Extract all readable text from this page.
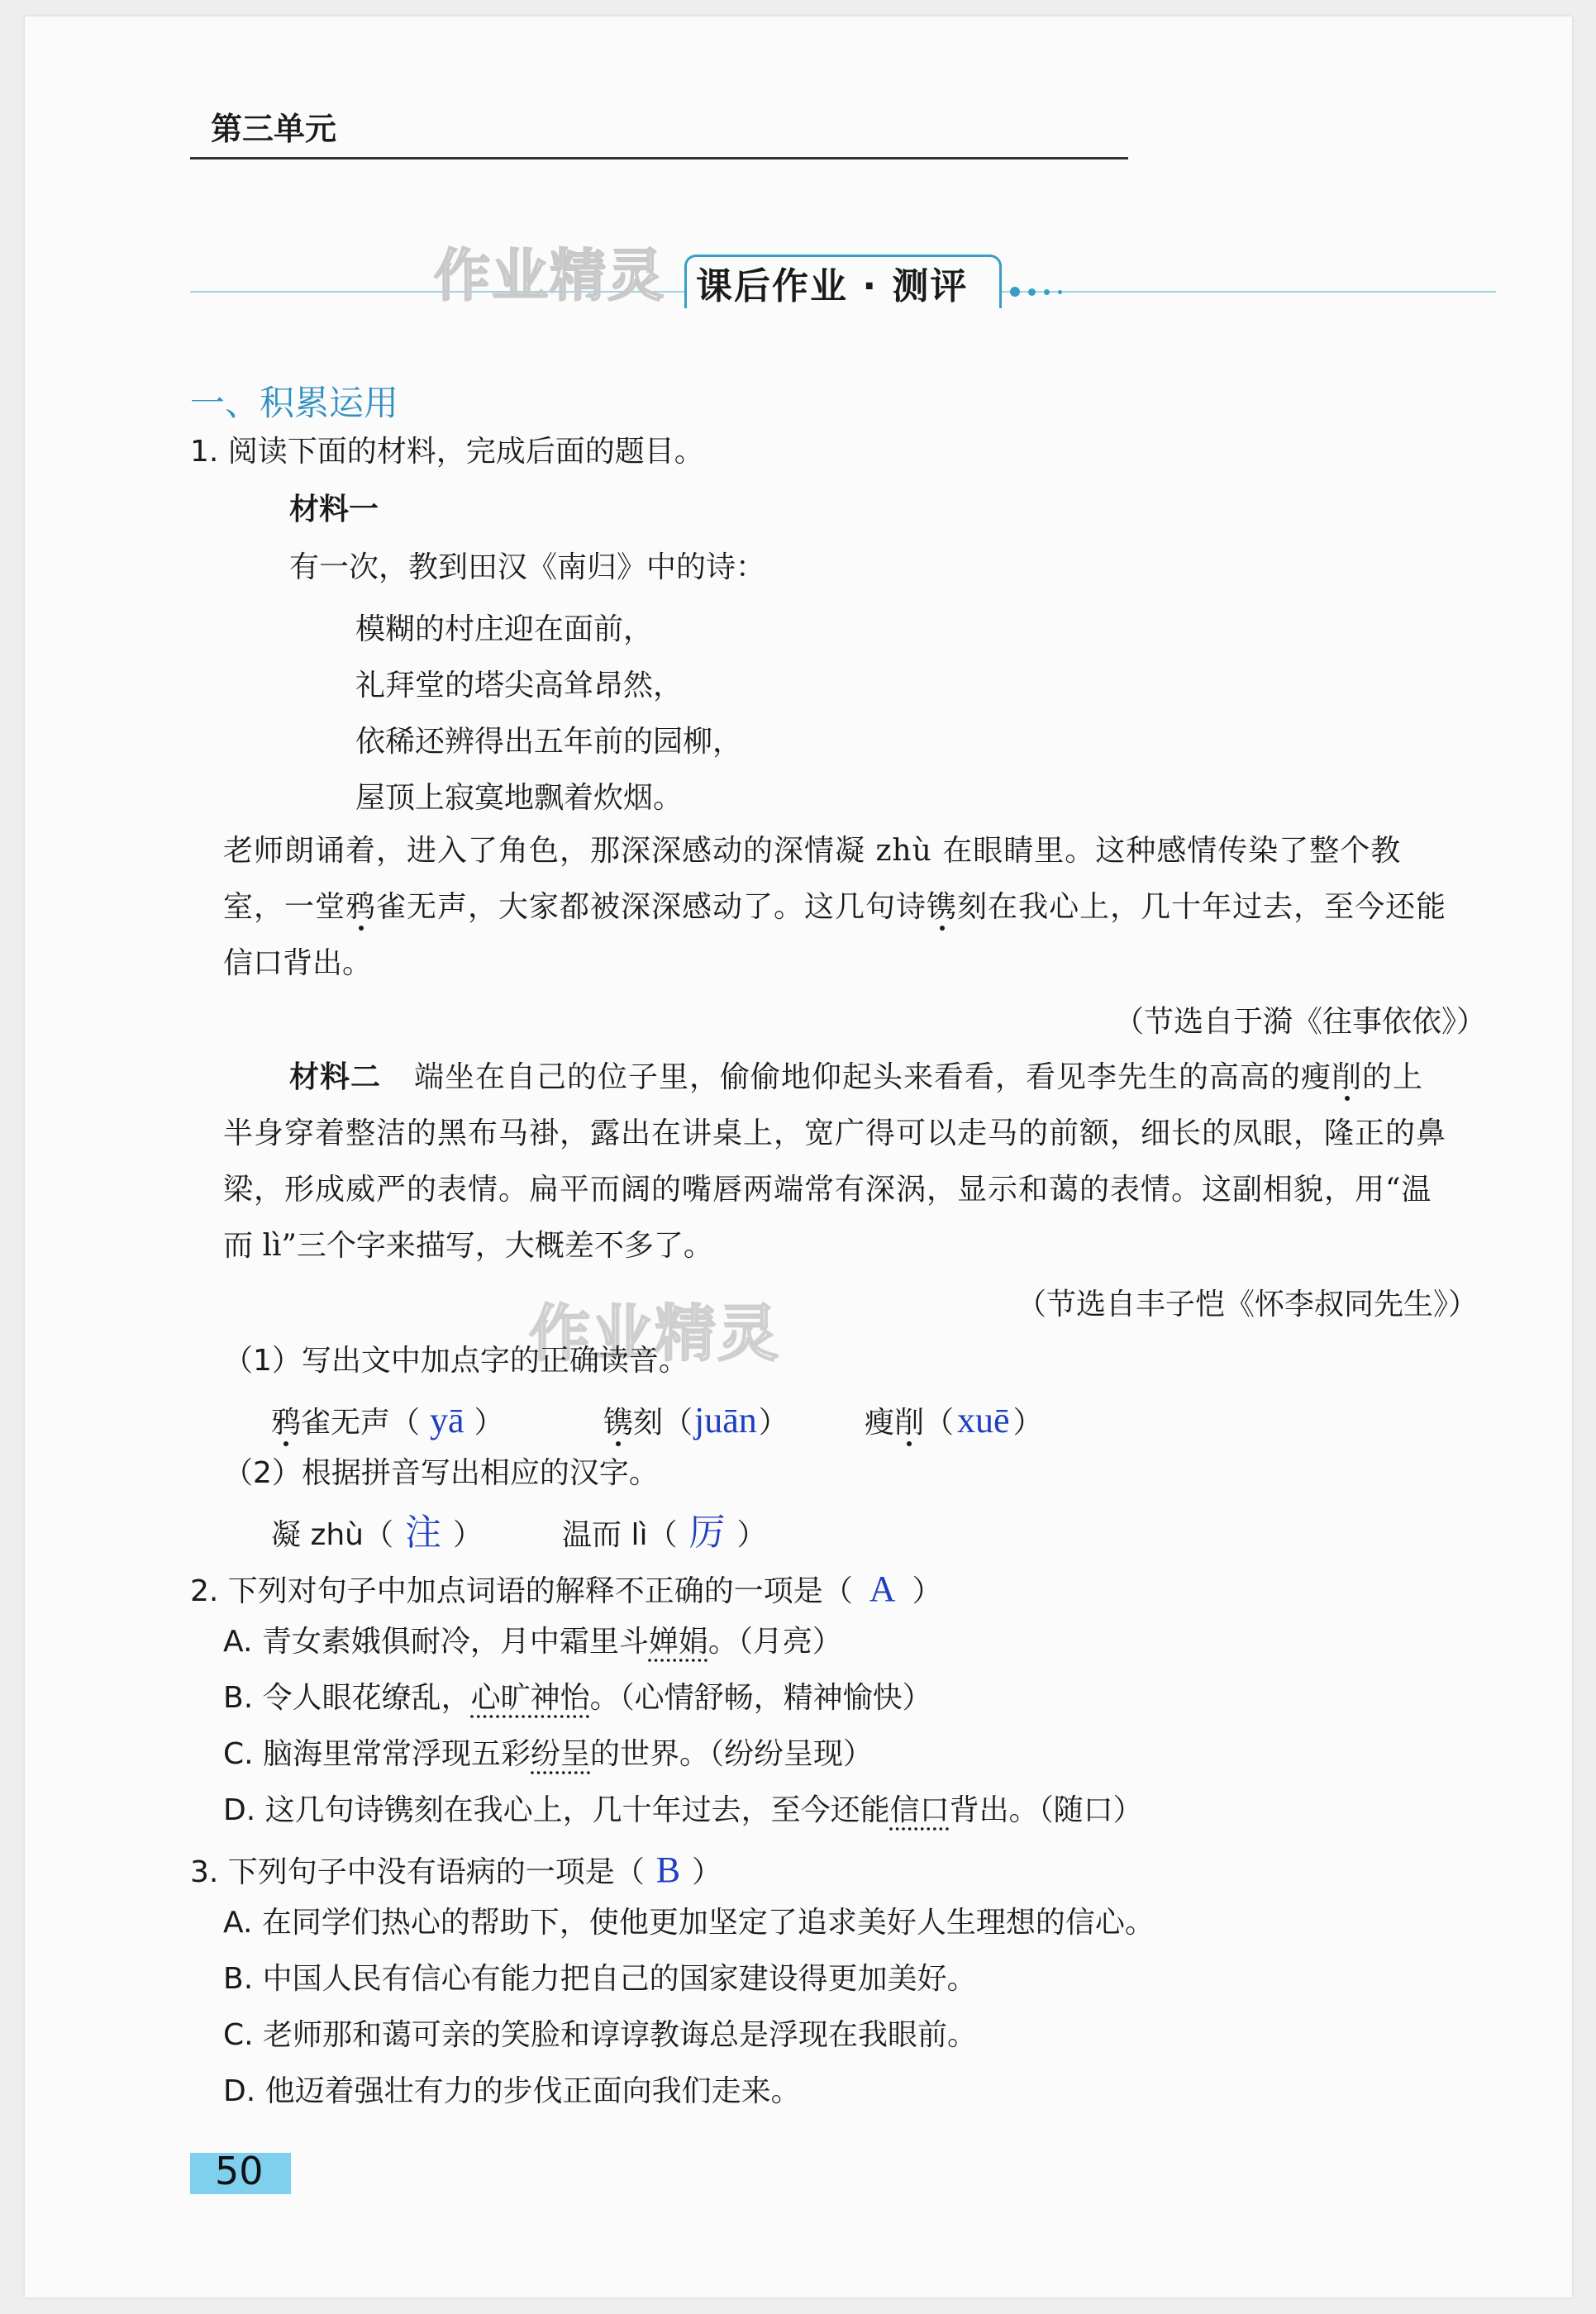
第三单元
作业精灵 课后作业 · 测评
一、积累运用
1. 阅读下面的材料，完成后面的题目。
材料一
有一次，教到田汉《南归》中的诗：
模糊的村庄迎在面前，
礼拜堂的塔尖高耸昂然，
依稀还辨得出五年前的园柳，
屋顶上寂寞地飘着炊烟。
老师朗诵着，进入了角色，那深深感动的深情凝 zhù 在眼睛里。这种感情传染了整个教
室，一堂鸦雀无声，大家都被深深感动了。这几句诗镌刻在我心上，几十年过去，至今还能
信口背出。
（节选自于漪《往事依依》）
材料二 端坐在自己的位子里，偷偷地仰起头来看看，看见李先生的高高的瘦削的上
半身穿着整洁的黑布马褂，露出在讲桌上，宽广得可以走马的前额，细长的凤眼，隆正的鼻
梁，形成威严的表情。扁平而阔的嘴唇两端常有深涡，显示和蔼的表情。这副相貌，用“温
而 lì”三个字来描写，大概差不多了。
作业精灵	（节选自丰子恺《怀李叔同先生》）
（1）写出文中加点字的正确读音。
鸦雀无声（ yā ）	镌刻（juān）	瘦削（xuē ）
（2）根据拼音写出相应的汉字。
凝 zhù（ 注 ）	温而 lì（ 厉 ）
2. 下列对句子中加点词语的解释不正确的一项是（ A ）
A. 青女素娥俱耐冷，月中霜里斗婵娟。（月亮）
B. 令人眼花缭乱，心旷神怡。（心情舒畅，精神愉快）
C. 脑海里常常浮现五彩纷呈的世界。（纷纷呈现）
D. 这几句诗镌刻在我心上，几十年过去，至今还能信口背出。（随口）
3. 下列句子中没有语病的一项是（ B ）
A. 在同学们热心的帮助下，使他更加坚定了追求美好人生理想的信心。
B. 中国人民有信心有能力把自己的国家建设得更加美好。
C. 老师那和蔼可亲的笑脸和谆谆教诲总是浮现在我眼前。
D. 他迈着强壮有力的步伐正面向我们走来。
50
